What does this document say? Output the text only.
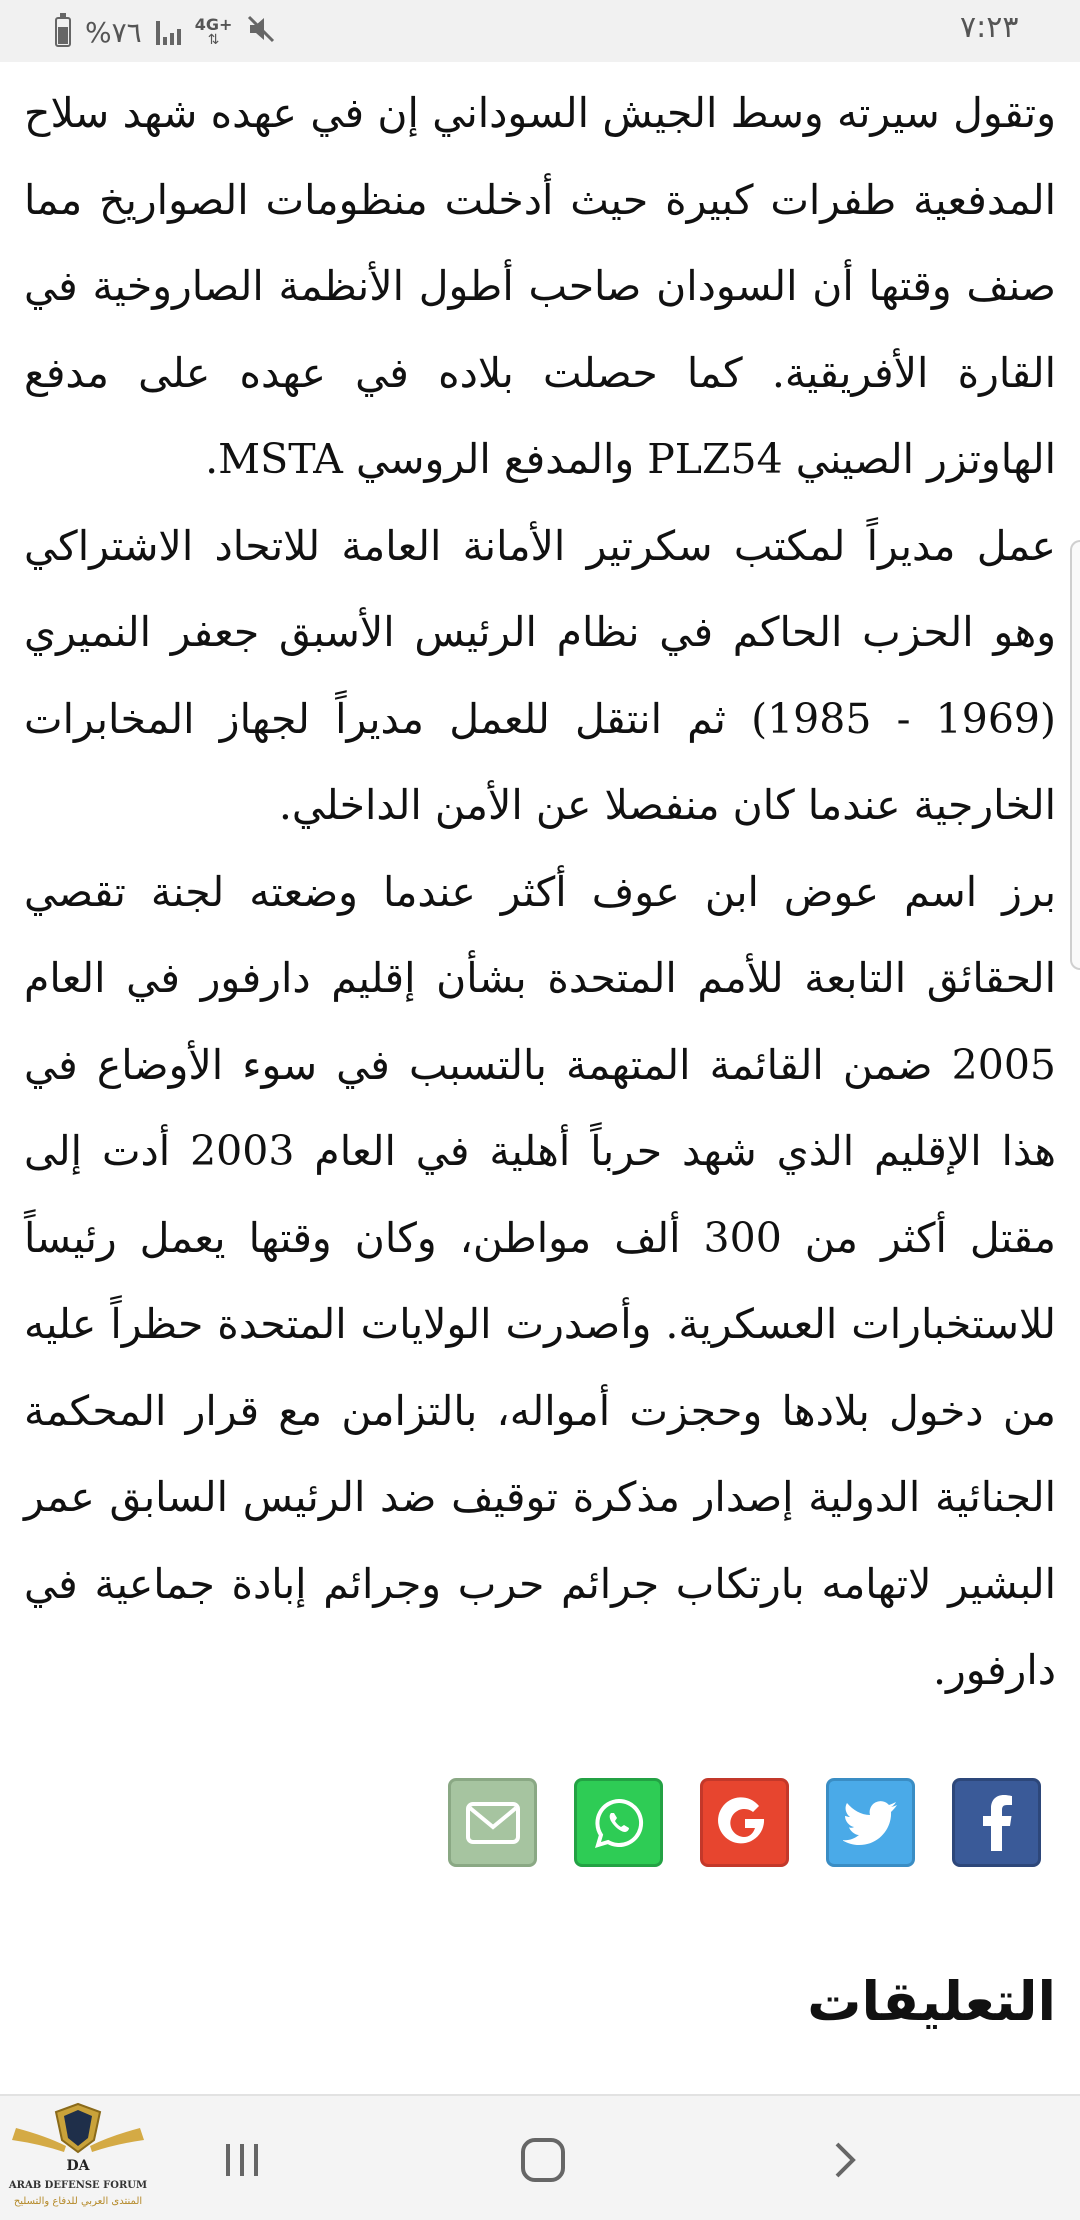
%٧٦	4G+
⇅	٧:٢٣

وتقول سيرته وسط الجيش السوداني إن في عهده شهد سلاح المدفعية طفرات كبيرة حيث أدخلت منظومات الصواريخ مما صنف وقتها أن السودان صاحب أطول الأنظمة الصاروخية في القارة الأفريقية. كما حصلت بلاده في عهده على مدفع الهاوتزر الصيني PLZ54 والمدفع الروسي MSTA.

عمل مديراً لمكتب سكرتير الأمانة العامة للاتحاد الاشتراكي وهو الحزب الحاكم في نظام الرئيس الأسبق جعفر النميري (1969 - 1985) ثم انتقل للعمل مديراً لجهاز المخابرات الخارجية عندما كان منفصلا عن الأمن الداخلي.

برز اسم عوض ابن عوف أكثر عندما وضعته لجنة تقصي الحقائق التابعة للأمم المتحدة بشأن إقليم دارفور في العام 2005 ضمن القائمة المتهمة بالتسبب في سوء الأوضاع في هذا الإقليم الذي شهد حرباً أهلية في العام 2003 أدت إلى مقتل أكثر من 300 ألف مواطن، وكان وقتها يعمل رئيساً للاستخبارات العسكرية. وأصدرت الولايات المتحدة حظراً عليه من دخول بلادها وحجزت أمواله، بالتزامن مع قرار المحكمة الجنائية الدولية إصدار مذكرة توقيف ضد الرئيس السابق عمر البشير لاتهامه بارتكاب جرائم حرب وجرائم إبادة جماعية في دارفور.

التعليقات
DA
ARAB DEFENSE FORUM
المنتدى العربي للدفاع والتسليح
